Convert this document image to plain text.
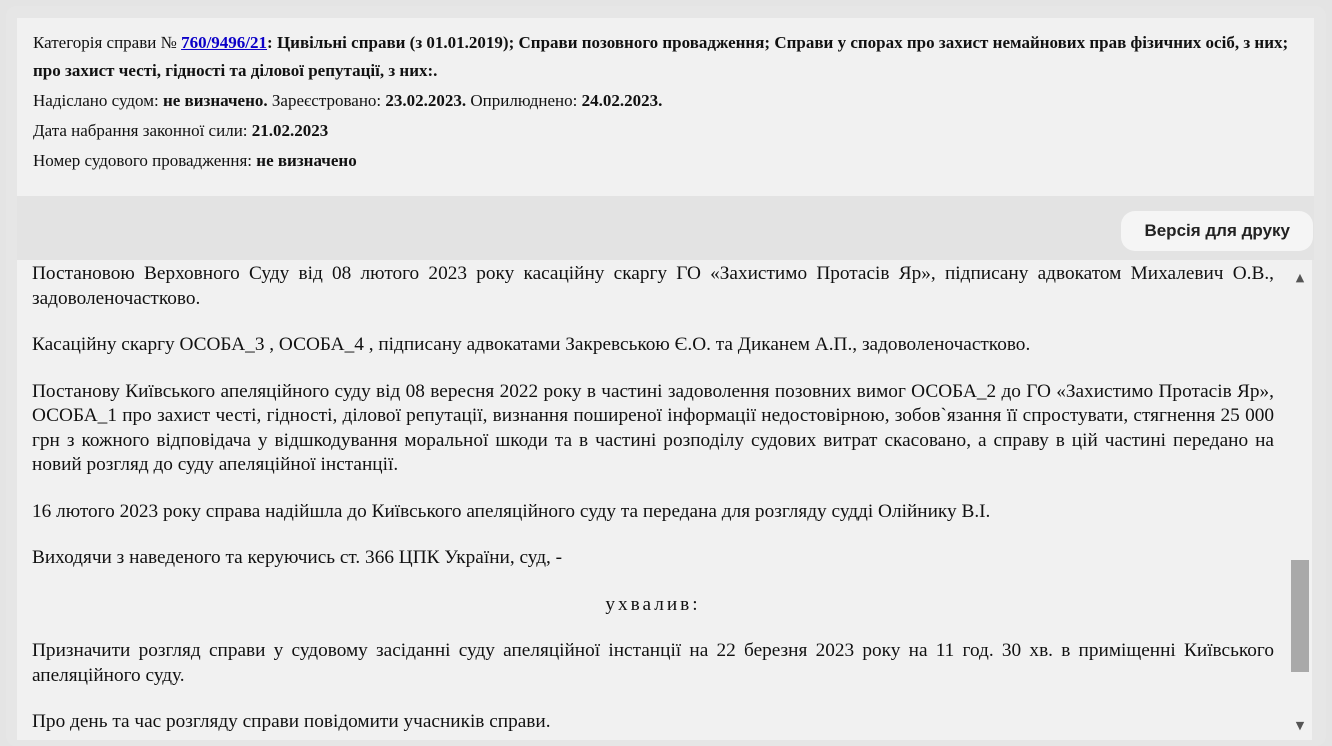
Категорія справи № 760/9496/21: Цивільні справи (з 01.01.2019); Справи позовного провадження; Справи у спорах про захист немайнових прав фізичних осіб, з них; про захист честі, гідності та ділової репутації, з них:.

Надіслано судом: не визначено. Зареєстровано: 23.02.2023. Оприлюднено: 24.02.2023.

Дата набрання законної сили: 21.02.2023

Номер судового провадження: не визначено

Версія для друку

Постановою Верховного Суду від 08 лютого 2023 року касаційну скаргу ГО «Захистимо Протасів Яр», підписану адвокатом Михалевич О.В., задоволеночастково.

Касаційну скаргу ОСОБА_3 , ОСОБА_4 , підписану адвокатами Закревською Є.О. та Диканем А.П., задоволеночастково.

Постанову Київського апеляційного суду від 08 вересня 2022 року в частині задоволення позовних вимог ОСОБА_2 до ГО «Захистимо Протасів Яр», ОСОБА_1 про захист честі, гідності, ділової репутації, визнання поширеної інформації недостовірною, зобов`язання її спростувати, стягнення 25 000 грн з кожного відповідача у відшкодування моральної шкоди та в частині розподілу судових витрат скасовано, а справу в цій частині передано на новий розгляд до суду апеляційної інстанції.

16 лютого 2023 року справа надійшла до Київського апеляційного суду та передана для розгляду судді Олійнику В.І.

Виходячи з наведеного та керуючись ст. 366 ЦПК України, суд, -

ухвалив:

Призначити розгляд справи у судовому засіданні суду апеляційної інстанції на 22 березня 2023 року на 11 год. 30 хв. в приміщенні Київського апеляційного суду.

Про день та час розгляду справи повідомити учасників справи.

▲
▼
